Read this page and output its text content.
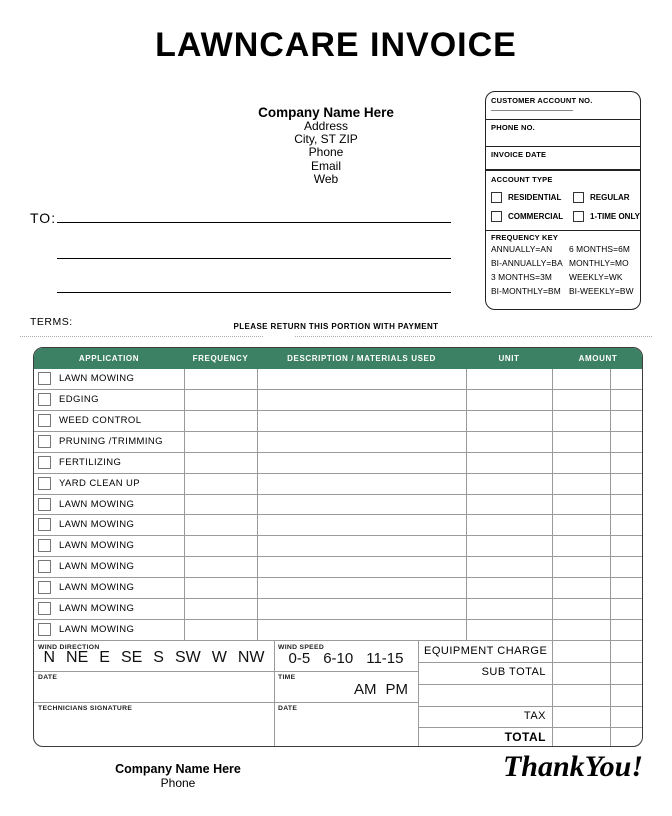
LAWNCARE INVOICE
Company Name Here
Address
City, ST ZIP
Phone
Email
Web
CUSTOMER ACCOUNT NO.
PHONE NO.
INVOICE DATE
ACCOUNT TYPE
RESIDENTIAL	REGULAR
COMMERCIAL	1-TIME ONLY
FREQUENCY KEY
ANNUALLY=AN 6 MONTHS=6M
BI-ANNUALLY=BA MONTHLY=MO
3 MONTHS=3M WEEKLY=WK
BI-MONTHLY=BM BI-WEEKLY=BW
TO:
TERMS:	PLEASE RETURN THIS PORTION WITH PAYMENT
APPLICATION	FREQUENCY	DESCRIPTION / MATERIALS USED	UNIT	AMOUNT
LAWN MOWING
EDGING
WEED CONTROL
PRUNING /TRIMMING
FERTILIZING
YARD CLEAN UP
LAWN MOWING
LAWN MOWING
LAWN MOWING
LAWN MOWING
LAWN MOWING
LAWN MOWING
LAWN MOWING
WIND DIRECTION
N NE E SE S SW W NW
WIND SPEED
0-5 6-10 11-15
DATE	TIME
AM PM
TECHNICIANS SIGNATURE	DATE
EQUIPMENT CHARGE
SUB TOTAL
TAX
TOTAL
Company Name Here
Phone	ThankYou!
